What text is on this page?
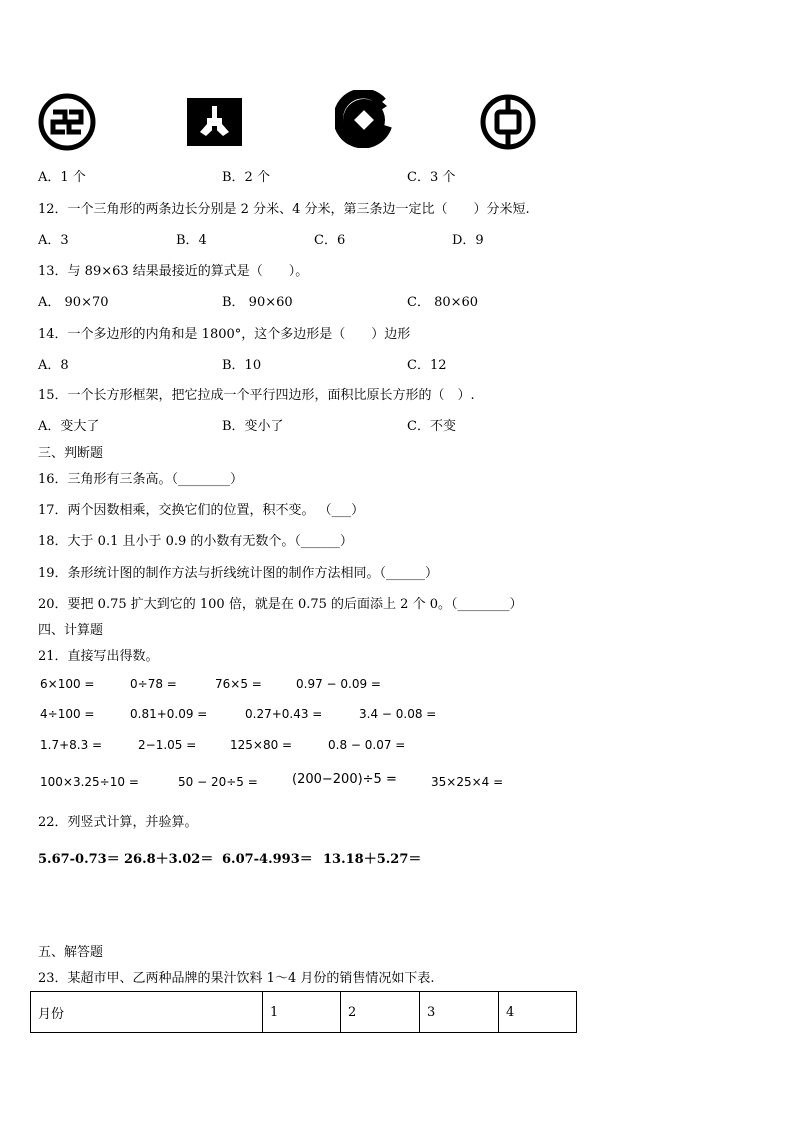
A．1 个	B．2 个	C．3 个
12．一个三角形的两条边长分别是 2 分米、4 分米，第三条边一定比（　　）分米短.
A．3	B．4	C．6	D．9
13．与 89×63 结果最接近的算式是（　　）。
A． 90×70	B． 90×60	C． 80×60
14．一个多边形的内角和是 1800°，这个多边形是（　　）边形
A．8	B．10	C．12
15．一个长方形框架，把它拉成一个平行四边形，面积比原长方形的（　）.
A．变大了	B．变小了	C．不变
三、判断题
16．三角形有三条高。（________）
17．两个因数相乘，交换它们的位置，积不变。 （___）
18．大于 0.1 且小于 0.9 的小数有无数个。（______）
19．条形统计图的制作方法与折线统计图的制作方法相同。（______）
20．要把 0.75 扩大到它的 100 倍，就是在 0.75 的后面添上 2 个 0。（________）
四、计算题
21．直接写出得数。
6×100 =	0÷78 =	76×5 =	0.97 − 0.09 =
4÷100 =	0.81+0.09 =	0.27+0.43 =	3.4 − 0.08 =
1.7+8.3 =	2−1.05 =	125×80 =	0.8 − 0.07 =
100×3.25÷10 =	50 − 20÷5 =	(200−200)÷5 =	35×25×4 =
22．列竖式计算，并验算。
5.67-0.73＝ 26.8＋3.02＝ 6.07-4.993＝ 13.18＋5.27＝
五、解答题
23．某超市甲、乙两种品牌的果汁饮料 1～4 月份的销售情况如下表.
月份	1	2	3	4
